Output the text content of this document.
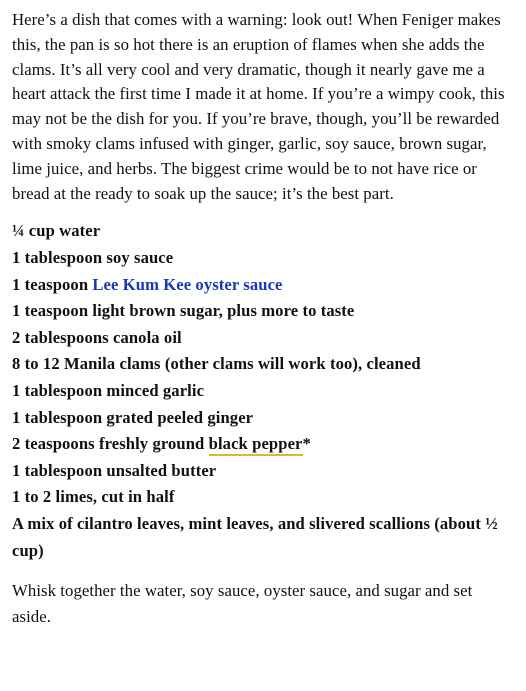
Here’s a dish that comes with a warning: look out! When Feniger makes this, the pan is so hot there is an eruption of flames when she adds the clams. It’s all very cool and very dramatic, though it nearly gave me a heart attack the first time I made it at home. If you’re a wimpy cook, this may not be the dish for you. If you’re brave, though, you’ll be rewarded with smoky clams infused with ginger, garlic, soy sauce, brown sugar, lime juice, and herbs. The biggest crime would be to not have rice or bread at the ready to soak up the sauce; it’s the best part.

¼ cup water
1 tablespoon soy sauce
1 teaspoon Lee Kum Kee oyster sauce
1 teaspoon light brown sugar, plus more to taste
2 tablespoons canola oil
8 to 12 Manila clams (other clams will work too), cleaned
1 tablespoon minced garlic
1 tablespoon grated peeled ginger
2 teaspoons freshly ground black pepper*
1 tablespoon unsalted butter
1 to 2 limes, cut in half
A mix of cilantro leaves, mint leaves, and slivered scallions (about ½ cup)

Whisk together the water, soy sauce, oyster sauce, and sugar and set aside.
